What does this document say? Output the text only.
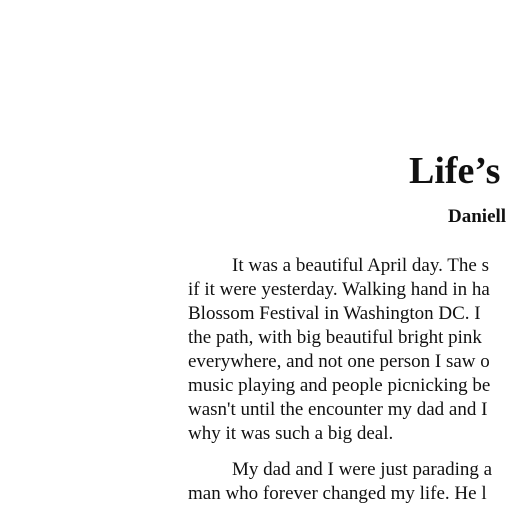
Life’s
Daniell

It was a beautiful April day. The s
if it were yesterday. Walking hand in ha
Blossom Festival in Washington DC. I
the path, with big beautiful bright pink
everywhere, and not one person I saw o
music playing and people picnicking be
wasn't until the encounter my dad and I
why it was such a big deal.

My dad and I were just parading a
man who forever changed my life. He l
